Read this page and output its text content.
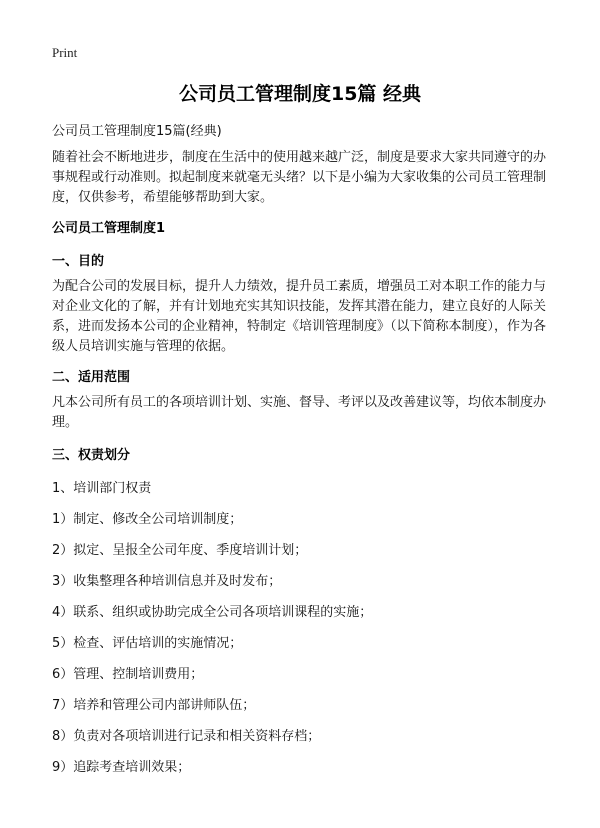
Print
公司员工管理制度15篇 经典
公司员工管理制度15篇(经典)
随着社会不断地进步，制度在生活中的使用越来越广泛，制度是要求大家共同遵守的办事规程或行动准则。拟起制度来就毫无头绪？以下是小编为大家收集的公司员工管理制度，仅供参考，希望能够帮助到大家。
公司员工管理制度1
一、目的
为配合公司的发展目标，提升人力绩效，提升员工素质，增强员工对本职工作的能力与对企业文化的了解，并有计划地充实其知识技能，发挥其潜在能力，建立良好的人际关系，进而发扬本公司的企业精神，特制定《培训管理制度》（以下简称本制度），作为各级人员培训实施与管理的依据。
二、适用范围
凡本公司所有员工的各项培训计划、实施、督导、考评以及改善建议等，均依本制度办理。
三、权责划分
1、培训部门权责
1）制定、修改全公司培训制度；
2）拟定、呈报全公司年度、季度培训计划；
3）收集整理各种培训信息并及时发布；
4）联系、组织或协助完成全公司各项培训课程的实施；
5）检查、评估培训的实施情况；
6）管理、控制培训费用；
7）培养和管理公司内部讲师队伍；
8）负责对各项培训进行记录和相关资料存档；
9）追踪考查培训效果；
